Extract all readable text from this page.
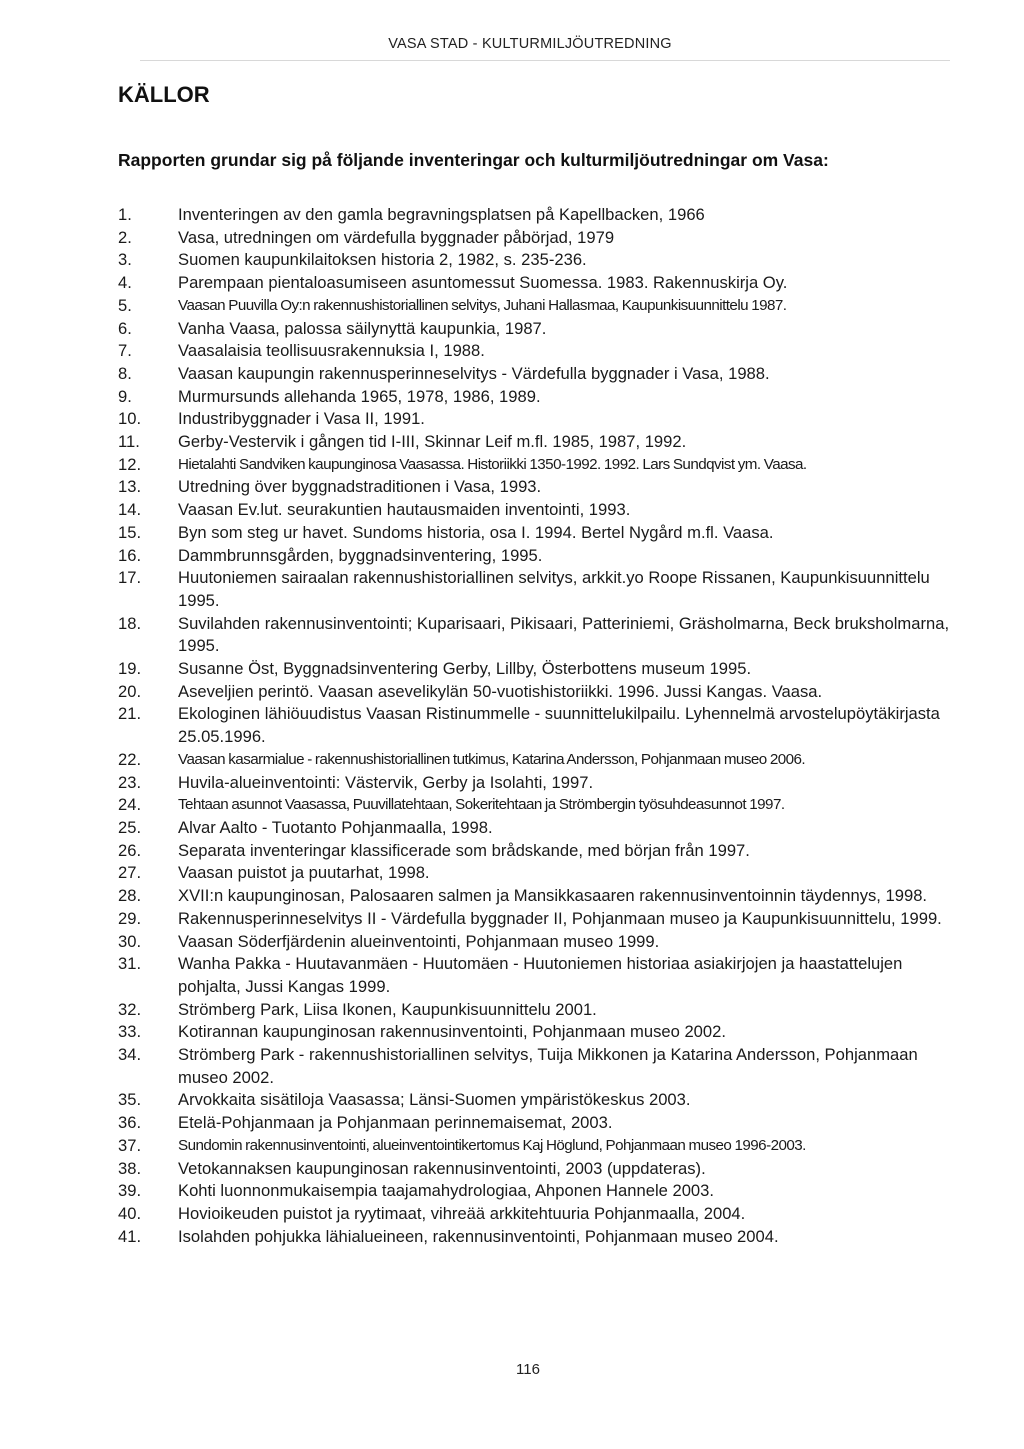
VASA STAD - KULTURMILJÖUTREDNING
KÄLLOR

Rapporten grundar sig på följande inventeringar och kulturmiljöutredningar om Vasa:

1.	Inventeringen av den gamla begravningsplatsen på Kapellbacken, 1966
2.	Vasa, utredningen om värdefulla byggnader påbörjad, 1979
3.	Suomen kaupunkilaitoksen historia 2, 1982, s. 235-236.
4.	Parempaan pientaloasumiseen asuntomessut Suomessa. 1983. Rakennuskirja Oy.
5.	Vaasan Puuvilla Oy:n rakennushistoriallinen selvitys, Juhani Hallasmaa, Kaupunkisuunnittelu 1987.
6.	Vanha Vaasa, palossa säilynyttä kaupunkia, 1987.
7.	Vaasalaisia teollisuusrakennuksia I, 1988.
8.	Vaasan kaupungin rakennusperinneselvitys - Värdefulla byggnader i Vasa, 1988.
9.	Murmursunds allehanda 1965, 1978, 1986, 1989.
10.	Industribyggnader i Vasa II, 1991.
11.	Gerby-Vestervik i gången tid I-III, Skinnar Leif m.fl. 1985, 1987, 1992.
12.	Hietalahti Sandviken kaupunginosa Vaasassa. Historiikki 1350-1992. 1992. Lars Sundqvist ym. Vaasa.
13.	Utredning över byggnadstraditionen i Vasa, 1993.
14.	Vaasan Ev.lut. seurakuntien hautausmaiden inventointi, 1993.
15.	Byn som steg ur havet. Sundoms historia, osa I. 1994. Bertel Nygård m.fl. Vaasa.
16.	Dammbrunnsgården, byggnadsinventering, 1995.
17.	Huutoniemen sairaalan rakennushistoriallinen selvitys, arkkit.yo Roope Rissanen, Kaupunkisuunnittelu 1995.
18.	Suvilahden rakennusinventointi; Kuparisaari, Pikisaari, Patteriniemi, Gräsholmarna, Beck bruksholmarna, 1995.
19.	Susanne Öst, Byggnadsinventering Gerby, Lillby, Österbottens museum 1995.
20.	Aseveljien perintö. Vaasan asevelikylän 50-vuotishistoriikki. 1996. Jussi Kangas. Vaasa.
21.	Ekologinen lähiöuudistus Vaasan Ristinummelle - suunnittelukilpailu. Lyhennelmä arvostelupöytäkirjasta 25.05.1996.
22.	Vaasan kasarmialue - rakennushistoriallinen tutkimus, Katarina Andersson, Pohjanmaan museo 2006.
23.	Huvila-alueinventointi: Västervik, Gerby ja Isolahti, 1997.
24.	Tehtaan asunnot Vaasassa, Puuvillatehtaan, Sokeritehtaan ja Strömbergin työsuhdeasunnot 1997.
25.	Alvar Aalto - Tuotanto Pohjanmaalla, 1998.
26.	Separata inventeringar klassificerade som brådskande, med början från 1997.
27.	Vaasan puistot ja puutarhat, 1998.
28.	XVII:n kaupunginosan, Palosaaren salmen ja Mansikkasaaren rakennusinventoinnin täydennys, 1998.
29.	Rakennusperinneselvitys II - Värdefulla byggnader II, Pohjanmaan museo ja Kaupunkisuunnittelu, 1999.
30.	Vaasan Söderfjärdenin alueinventointi, Pohjanmaan museo 1999.
31.	Wanha Pakka - Huutavanmäen - Huutomäen - Huutoniemen historiaa asiakirjojen ja haastattelujen pohjalta, Jussi Kangas 1999.
32.	Strömberg Park, Liisa Ikonen, Kaupunkisuunnittelu 2001.
33.	Kotirannan kaupunginosan rakennusinventointi, Pohjanmaan museo 2002.
34.	Strömberg Park - rakennushistoriallinen selvitys, Tuija Mikkonen ja Katarina Andersson, Pohjanmaan museo 2002.
35.	Arvokkaita sisätiloja Vaasassa; Länsi-Suomen ympäristökeskus 2003.
36.	Etelä-Pohjanmaan ja Pohjanmaan perinnemaisemat, 2003.
37.	Sundomin rakennusinventointi, alueinventointikertomus Kaj Höglund, Pohjanmaan museo 1996-2003.
38.	Vetokannaksen kaupunginosan rakennusinventointi, 2003 (uppdateras).
39.	Kohti luonnonmukaisempia taajamahydrologiaa, Ahponen Hannele 2003.
40.	Hovioikeuden puistot ja ryytimaat, vihreää arkkitehtuuria Pohjanmaalla, 2004.
41.	Isolahden pohjukka lähialueineen, rakennusinventointi, Pohjanmaan museo 2004.
116
